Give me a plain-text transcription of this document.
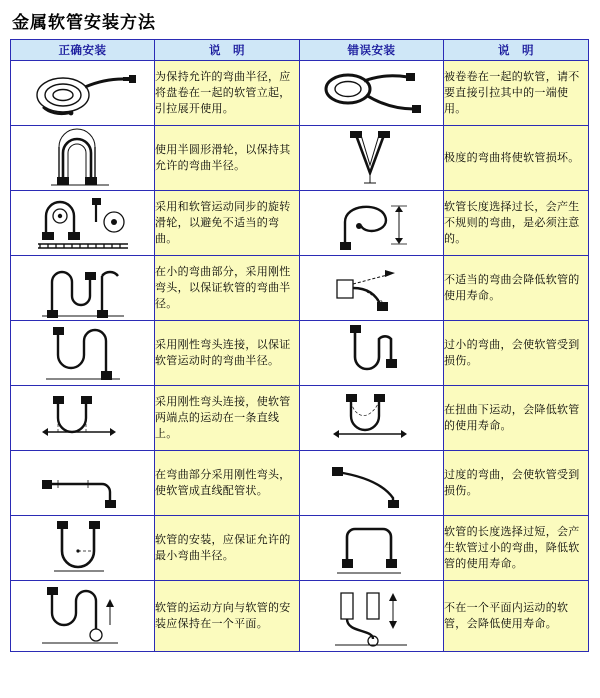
金属软管安装方法
正确安装	说　明	错误安装	说　明

	为保持允许的弯曲半径，应将盘卷在一起的软管立起，引拉展开使用。		被卷卷在一起的软管，请不要直接引拉其中的一端使用。

	使用半圆形滑轮，以保持其允许的弯曲半径。		极度的弯曲将使软管损坏。

	采用和软管运动同步的旋转滑轮，以避免不适当的弯曲。		软管长度选择过长，会产生不规则的弯曲，是必须注意的。

	在小的弯曲部分，采用刚性弯头，以保证软管的弯曲半径。		不适当的弯曲会降低软管的使用寿命。

	采用刚性弯头连接，以保证软管运动时的弯曲半径。		过小的弯曲，会使软管受到损伤。

	采用刚性弯头连接，使软管两端点的运动在一条直线上。		在扭曲下运动，会降低软管的使用寿命。

	在弯曲部分采用刚性弯头，使软管成直线配管状。		过度的弯曲，会使软管受到损伤。

	软管的安装，应保证允许的最小弯曲半径。		软管的长度选择过短，会产生软管过小的弯曲，降低软管的使用寿命。

	软管的运动方向与软管的安装应保持在一个平面。		不在一个平面内运动的软管，会降低使用寿命。
